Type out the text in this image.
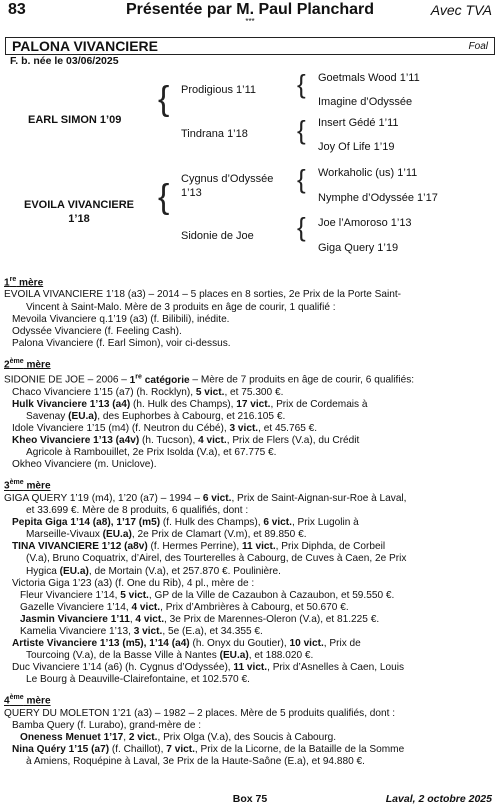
83	Présentée par M. Paul Planchard	Avec TVA
***
PALONA VIVANCIERE	Foal
F. b. née le 03/06/2025
EARL SIMON 1’09
EVOILA VIVANCIERE
1’18
{
{
Prodigious 1’11
Tindrana 1’18
Cygnus d’Odyssée
1’13
Sidonie de Joe
{
{
{
{
Goetmals Wood 1’11
Imagine d’Odyssée
Insert Gédé 1’11
Joy Of Life 1’19
Workaholic (us) 1’11
Nymphe d’Odyssée 1’17
Joe l’Amoroso 1’13
Giga Query 1’19

1re mère

EVOILA VIVANCIERE 1’18 (a3) – 2014 – 5 places en 8 sorties, 2e Prix de la Porte Saint-

Vincent à Saint-Malo. Mère de 3 produits en âge de courir, 1 qualifié :

Mevoila Vivanciere q.1’19 (a3) (f. Bilibili), inédite.

Odyssée Vivanciere (f. Feeling Cash).

Palona Vivanciere (f. Earl Simon), voir ci-dessus.

2ème mère

SIDONIE DE JOE – 2006 – 1re catégorie – Mère de 7 produits en âge de courir, 6 qualifiés:

Chaco Vivanciere 1’15 (a7) (h. Rocklyn), 5 vict., et 75.300 €.

Hulk Vivanciere 1’13 (a4) (h. Hulk des Champs), 17 vict., Prix de Cordemais à
Savenay (EU.a), des Euphorbes à Cabourg, et 216.105 €.

Idole Vivanciere 1’15 (m4) (f. Neutron du Cébé), 3 vict., et 45.765 €.

Kheo Vivanciere 1’13 (a4v) (h. Tucson), 4 vict., Prix de Flers (V.a), du Crédit
Agricole à Rambouillet, 2e Prix Isolda (V.a), et 67.775 €.

Okheo Vivanciere (m. Uniclove).

3ème mère

GIGA QUERY 1’19 (m4), 1’20 (a7) – 1994 – 6 vict., Prix de Saint-Aignan-sur-Roe à Laval,
et 33.699 €. Mère de 8 produits, 6 qualifiés, dont :

Pepita Giga 1’14 (a8), 1’17 (m5) (f. Hulk des Champs), 6 vict., Prix Lugolin à
Marseille-Vivaux (EU.a), 2e Prix de Clamart (V.m), et 89.850 €.

TINA VIVANCIERE 1’12 (a8v) (f. Hermes Perrine), 11 vict., Prix Diphda, de Corbeil
(V.a), Bruno Coquatrix, d’Airel, des Tourterelles à Cabourg, de Cuves à Caen, 2e Prix
Hygica (EU.a), de Mortain (V.a), et 257.870 €. Poulinière.

Victoria Giga 1’23 (a3) (f. One du Rib), 4 pl., mère de :

Fleur Vivanciere 1’14, 5 vict., GP de la Ville de Cazaubon à Cazaubon, et 59.550 €.

Gazelle Vivanciere 1’14, 4 vict., Prix d’Ambrières à Cabourg, et 50.670 €.

Jasmin Vivanciere 1’11, 4 vict., 3e Prix de Marennes-Oleron (V.a), et 81.225 €.

Kamelia Vivanciere 1’13, 3 vict., 5e (E.a), et 34.355 €.

Artiste Vivanciere 1’13 (m5), 1’14 (a4) (h. Onyx du Goutier), 10 vict., Prix de
Tourcoing (V.a), de la Basse Ville à Nantes (EU.a), et 188.020 €.

Duc Vivanciere 1’14 (a6) (h. Cygnus d’Odyssée), 11 vict., Prix d’Asnelles à Caen, Louis
Le Bourg à Deauville-Clairefontaine, et 102.570 €.

4ème mère

QUERY DU MOLETON 1’21 (a3) – 1982 – 2 places. Mère de 5 produits qualifiés, dont :

Bamba Query (f. Lurabo), grand-mère de :

Oneness Menuet 1’17, 2 vict., Prix Olga (V.a), des Soucis à Cabourg.

Nina Quéry 1’15 (a7) (f. Chaillot), 7 vict., Prix de la Licorne, de la Bataille de la Somme
à Amiens, Roquépine à Laval, 3e Prix de la Haute-Saône (E.a), et 94.880 €.

Box 75	Laval, 2 octobre 2025
